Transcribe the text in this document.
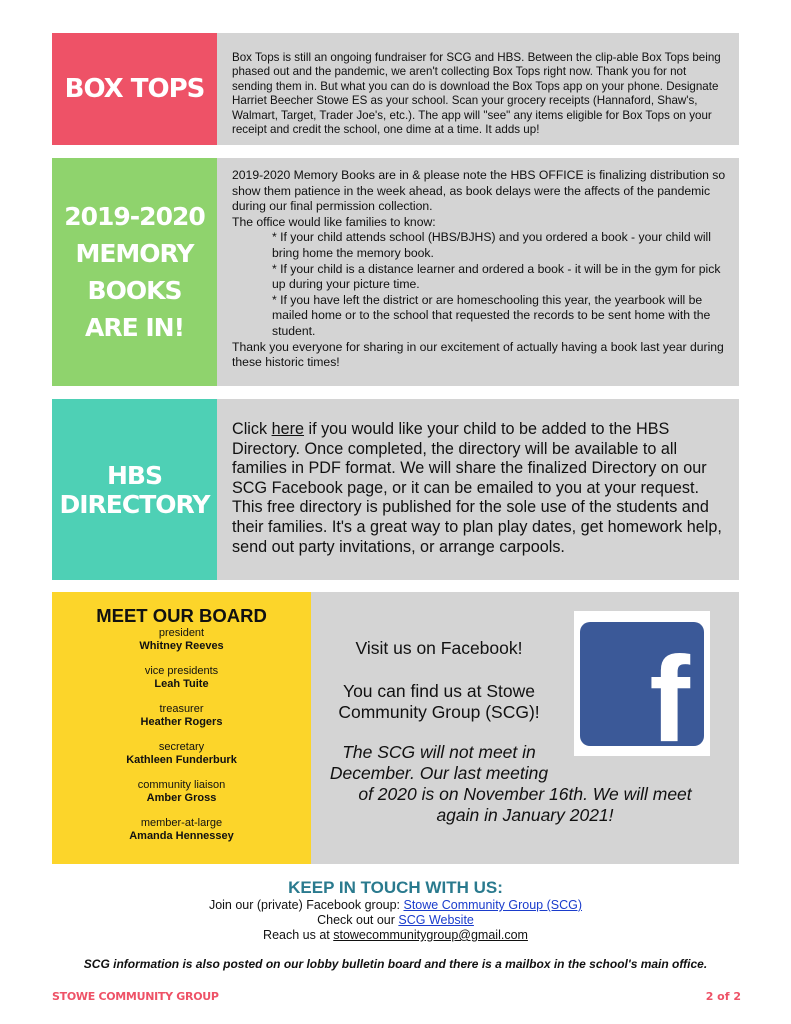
BOX TOPS
Box Tops is still an ongoing fundraiser for SCG and HBS. Between the clip-able Box Tops being phased out and the pandemic, we aren't collecting Box Tops right now. Thank you for not sending them in. But what you can do is download the Box Tops app on your phone. Designate Harriet Beecher Stowe ES as your school. Scan your grocery receipts (Hannaford, Shaw's, Walmart, Target, Trader Joe's, etc.). The app will "see" any items eligible for Box Tops on your receipt and credit the school, one dime at a time. It adds up!
2019-2020
MEMORY BOOKS
ARE IN!
2019-2020 Memory Books are in & please note the HBS OFFICE is finalizing distribution so show them patience in the week ahead, as book delays were the affects of the pandemic during our final permission collection.
The office would like families to know:
* If your child attends school (HBS/BJHS) and you ordered a book - your child will bring home the memory book.
* If your child is a distance learner and ordered a book - it will be in the gym for pick up during your picture time.
* If you have left the district or are homeschooling this year, the yearbook will be mailed home or to the school that requested the records to be sent home with the student.
Thank you everyone for sharing in our excitement of actually having a book last year during these historic times!
HBS DIRECTORY
Click here if you would like your child to be added to the HBS Directory. Once completed, the directory will be available to all families in PDF format. We will share the finalized Directory on our SCG Facebook page, or it can be emailed to you at your request. This free directory is published for the sole use of the students and their families. It's a great way to plan play dates, get homework help, send out party invitations, or arrange carpools.
MEET OUR BOARD
president
Whitney Reeves
vice presidents
Leah Tuite
treasurer
Heather Rogers
secretary
Kathleen Funderburk
community liaison
Amber Gross
member-at-large
Amanda Hennessey
Visit us on Facebook!
You can find us at Stowe Community Group (SCG)!
The SCG will not meet in
December. Our last meeting
of 2020 is on November 16th. We will meet
again in January 2021!
f
KEEP IN TOUCH WITH US:
Join our (private) Facebook group: Stowe Community Group (SCG)
Check out our SCG Website
Reach us at stowecommunitygroup@gmail.com
SCG information is also posted on our lobby bulletin board and there is a mailbox in the school's main office.
STOWE COMMUNITY GROUP	2 of 2
